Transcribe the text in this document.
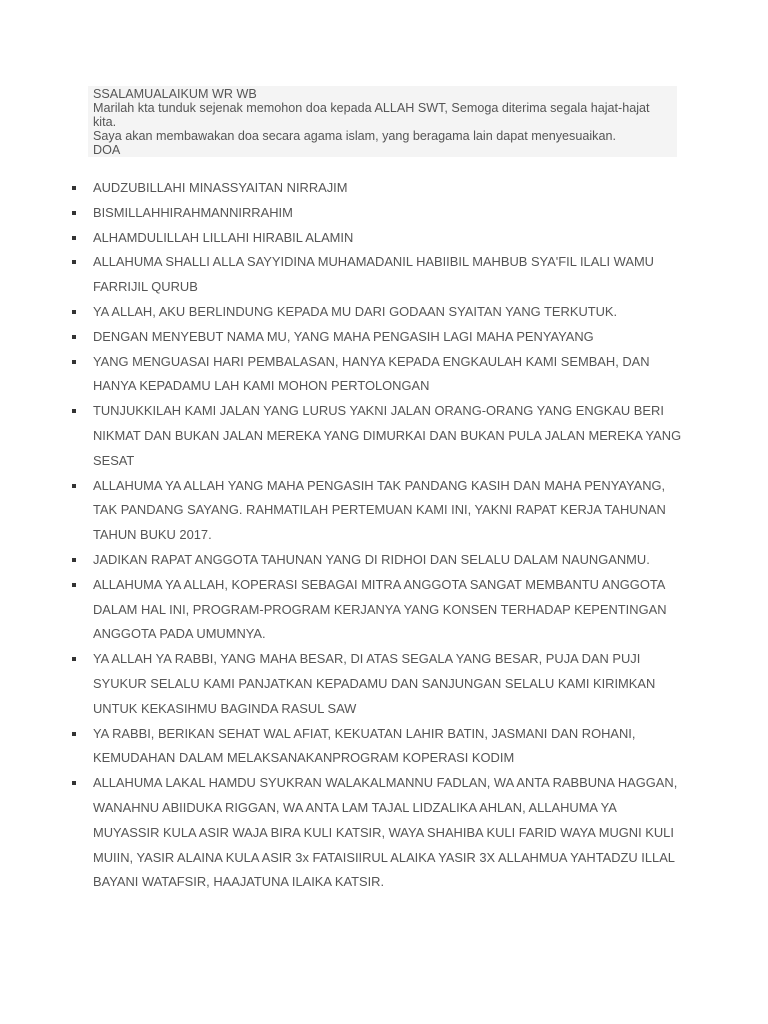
SSALAMUALAIKUM WR WB
Marilah kta tunduk sejenak memohon doa kepada ALLAH SWT, Semoga diterima segala hajat-hajat kita.
Saya akan membawakan doa secara agama islam, yang beragama lain dapat menyesuaikan.
DOA
AUDZUBILLAHI MINASSYAITAN NIRRAJIM
BISMILLAHHIRAHMANNIRRAHIM
ALHAMDULILLAH LILLAHI HIRABIL ALAMIN
ALLAHUMA SHALLI ALLA SAYYIDINA MUHAMADANIL HABIIBIL MAHBUB SYA'FIL ILALI WAMU FARRIJIL QURUB
YA ALLAH, AKU BERLINDUNG KEPADA MU DARI GODAAN SYAITAN YANG TERKUTUK.
DENGAN MENYEBUT NAMA MU, YANG MAHA PENGASIH LAGI MAHA PENYAYANG
YANG MENGUASAI HARI PEMBALASAN, HANYA KEPADA ENGKAULAH KAMI SEMBAH, DAN HANYA KEPADAMU LAH KAMI MOHON PERTOLONGAN
TUNJUKKILAH KAMI JALAN YANG LURUS YAKNI JALAN ORANG-ORANG YANG ENGKAU BERI NIKMAT DAN BUKAN JALAN MEREKA YANG DIMURKAI DAN BUKAN PULA JALAN MEREKA YANG SESAT
ALLAHUMA YA ALLAH YANG MAHA PENGASIH TAK PANDANG KASIH DAN MAHA PENYAYANG, TAK PANDANG SAYANG. RAHMATILAH PERTEMUAN KAMI INI, YAKNI RAPAT KERJA TAHUNAN TAHUN BUKU 2017.
JADIKAN RAPAT ANGGOTA TAHUNAN YANG DI RIDHOI DAN SELALU DALAM NAUNGANMU.
ALLAHUMA YA ALLAH, KOPERASI SEBAGAI MITRA ANGGOTA SANGAT MEMBANTU ANGGOTA DALAM HAL INI, PROGRAM-PROGRAM KERJANYA YANG KONSEN TERHADAP KEPENTINGAN ANGGOTA PADA UMUMNYA.
YA ALLAH YA RABBI, YANG MAHA BESAR, DI ATAS SEGALA YANG BESAR, PUJA DAN PUJI SYUKUR SELALU KAMI PANJATKAN KEPADAMU DAN SANJUNGAN SELALU KAMI KIRIMKAN UNTUK KEKASIHMU BAGINDA RASUL SAW
YA RABBI, BERIKAN SEHAT WAL AFIAT, KEKUATAN LAHIR BATIN, JASMANI DAN ROHANI, KEMUDAHAN DALAM MELAKSANAKANPROGRAM KOPERASI KODIM
ALLAHUMA LAKAL HAMDU SYUKRAN WALAKALMANNU FADLAN, WA ANTA RABBUNA HAGGAN, WANAHNU ABIIDUKA RIGGAN, WA ANTA LAM TAJAL LIDZALIKA AHLAN, ALLAHUMA YA MUYASSIR KULA ASIR WAJA BIRA KULI KATSIR, WAYA SHAHIBA KULI FARID WAYA MUGNI KULI MUIIN, YASIR ALAINA KULA ASIR 3x FATAISIIRUL ALAIKA YASIR 3X ALLAHMUA YAHTADZU ILLAL BAYANI WATAFSIR, HAAJATUNA ILAIKA KATSIR.
